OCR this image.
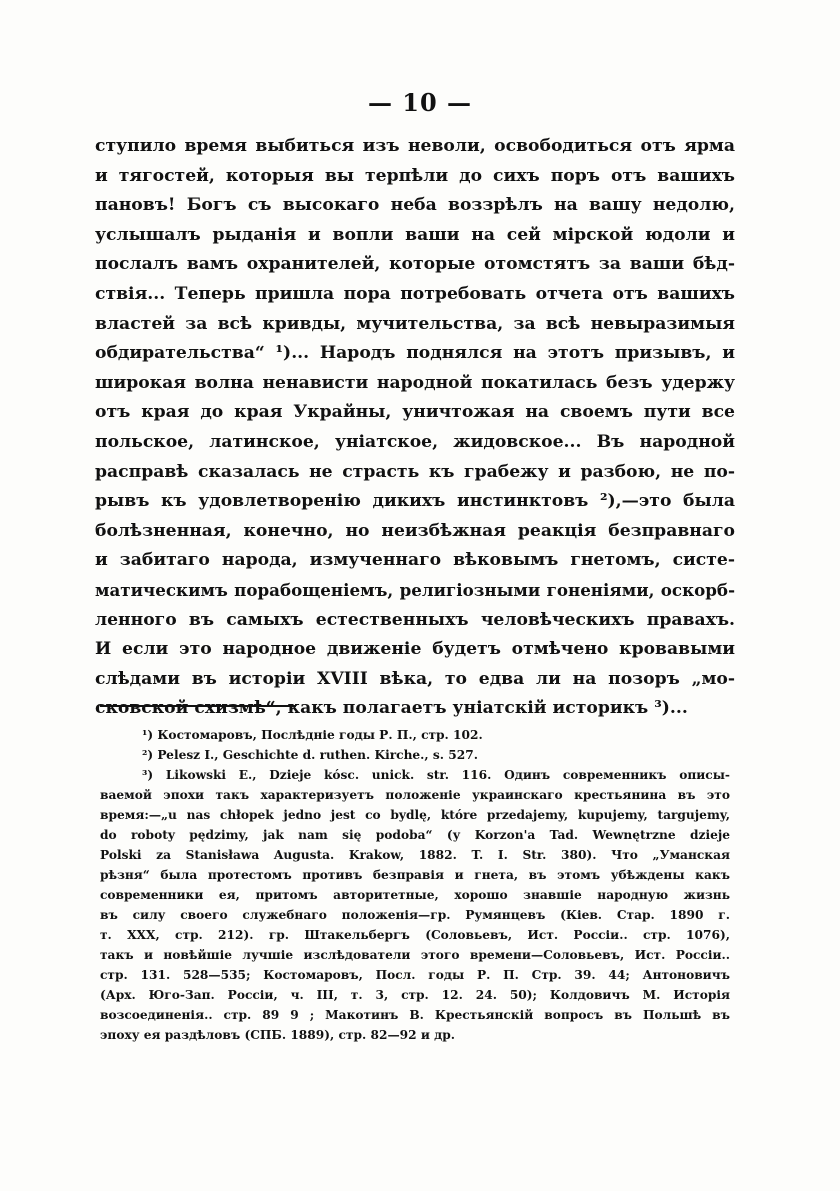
— 10 —
ступило время выбиться изъ неволи, освободиться отъ ярма
и тягостей, которыя вы терпѣли до сихъ поръ отъ вашихъ
пановъ! Богъ съ высокаго неба воззрѣлъ на вашу недолю,
услышалъ рыданія и вопли ваши на сей мірской юдоли и
послалъ вамъ охранителей, которые отомстятъ за ваши бѣд-
ствія... Теперь пришла пора потребовать отчета отъ вашихъ
властей за всѣ кривды, мучительства, за всѣ невыразимыя
обдирательства“ ¹)... Народъ поднялся на этотъ призывъ, и
широкая волна ненависти народной покатилась безъ удержу
отъ края до края Украйны, уничтожая на своемъ пути все
польское, латинское, уніатское, жидовское... Въ народной
расправѣ сказалась не страсть къ грабежу и разбою, не по-
рывъ къ удовлетворенію дикихъ инстинктовъ ²),—это была
болѣзненная, конечно, но неизбѣжная реакція безправнаго
и забитаго народа, измученнаго вѣковымъ гнетомъ, систе-
матическимъ порабощеніемъ, религіозными гоненіями, оскорб-
ленного въ самыхъ естественныхъ человѣческихъ правахъ.
И если это народное движеніе будетъ отмѣчено кровавыми
слѣдами въ исторіи XVIII вѣка, то едва ли на позоръ „мо-
сковской схизмѣ“, какъ полагаетъ уніатскій историкъ ³)...
¹) Костомаровъ, Послѣдніе годы Р. П., стр. 102.
²) Pelesz I., Geschichte d. ruthen. Kirche., s. 527.
³) Likowski E., Dzieje kósc. unick. str. 116. Одинъ современникъ описы-
ваемой эпохи такъ характеризуетъ положеніе украинскаго крестьянина въ это
время:—„u nas chłopek jedno jest co bydlę, które przedajemy, kupujemy, targujemy,
do roboty pędzimy, jak nam się podoba“ (у Korzon'a Tad. Wewnętrzne dzieje
Polski za Stanisława Augusta. Krakow, 1882. T. I. Str. 380). Что „Уманская
рѣзня“ была протестомъ противъ безправія и гнета, въ этомъ убѣждены какъ
современники ея, притомъ авторитетные, хорошо знавшіе народную жизнь
въ силу своего служебнаго положенія—гр. Румянцевъ (Кіев. Стар. 1890 г.
т. XXX, стр. 212). гр. Штакельбергъ (Соловьевъ, Ист. Россіи.. стр. 1076),
такъ и новѣйшіе лучшіе изслѣдователи этого времени—Соловьевъ, Ист. Россіи..
стр. 131. 528—535; Костомаровъ, Посл. годы Р. П. Стр. 39. 44; Антоновичъ
(Арх. Юго-Зап. Россіи, ч. III, т. 3, стр. 12. 24. 50); Колдовичъ М. Исторія
возсоединенія.. стр. 89 9 ; Макотинъ В. Крестьянскій вопросъ въ Польшѣ въ
эпоху ея раздѣловъ (СПБ. 1889), стр. 82—92 и др.
